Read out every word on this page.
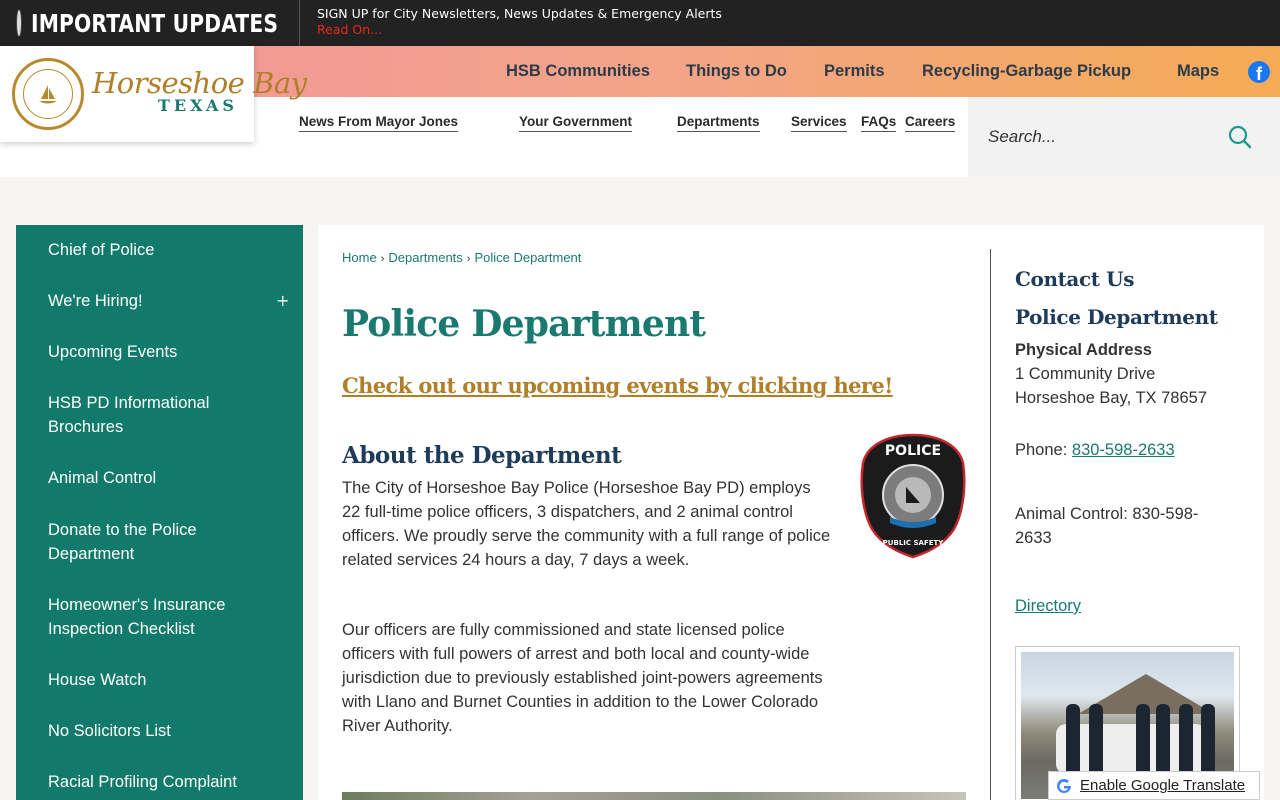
IMPORTANT UPDATES	SIGN UP for City Newsletters, News Updates & Emergency Alerts
Read On...
Horseshoe Bay
TEXAS
HSB Communities Things to Do Permits Recycling-Garbage Pickup	Maps	f
News From Mayor Jones	Your Government	Departments Services FAQs Careers
Search...
Chief of Police
We're Hiring!	+
Upcoming Events
HSB PD Informational Brochures
Animal Control
Donate to the Police Department
Homeowner's Insurance Inspection Checklist
House Watch
No Solicitors List
Racial Profiling Complaint
Home › Departments › Police Department
Police Department
Check out our upcoming events by clicking here!
About the Department

The City of Horseshoe Bay Police (Horseshoe Bay PD) employs 22 full-time police officers, 3 dispatchers, and 2 animal control officers. We proudly serve the community with a full range of police related services 24 hours a day, 7 days a week.

Our officers are fully commissioned and state licensed police officers with full powers of arrest and both local and county-wide jurisdiction due to previously established joint-powers agreements with Llano and Burnet Counties in addition to the Lower Colorado River Authority.

POLICE
PUBLIC SAFETY
Contact Us
Police Department
Physical Address
1 Community Drive
Horseshoe Bay, TX 78657
Phone: 830-598-2633
Animal Control: 830-598-2633
Directory
Enable Google Translate
